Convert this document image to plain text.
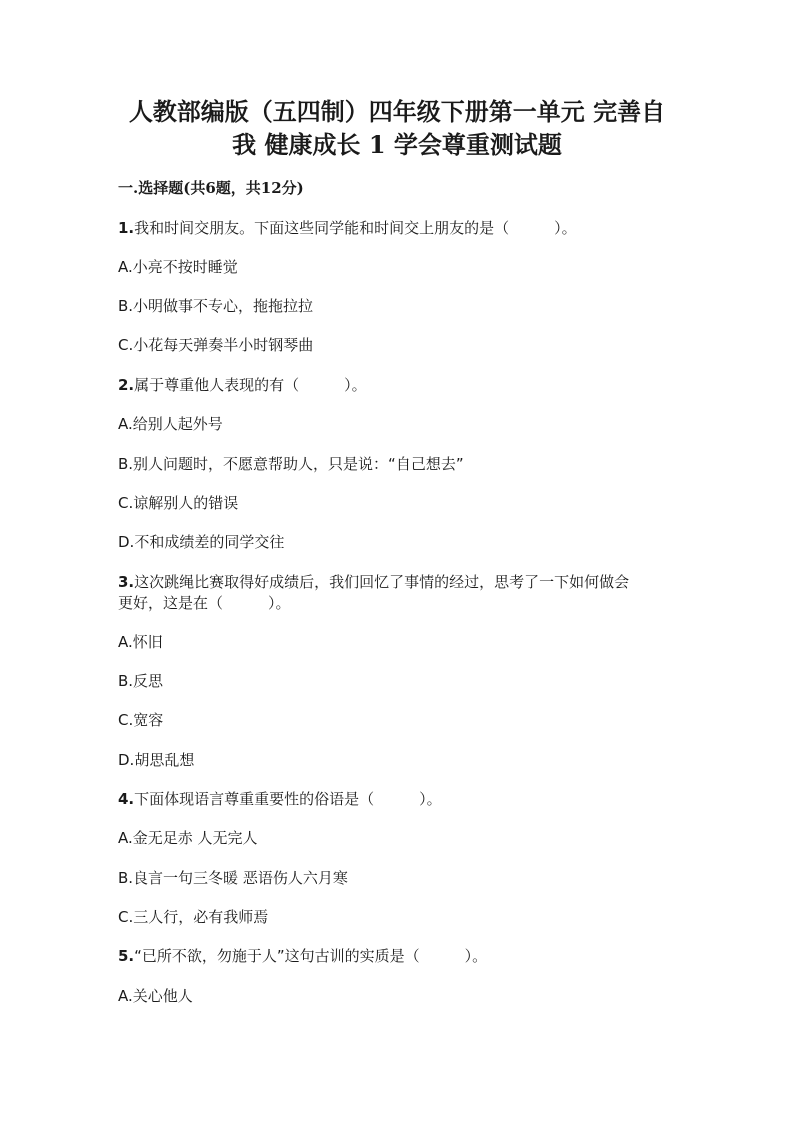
人教部编版（五四制）四年级下册第一单元 完善自
我 健康成长 1 学会尊重测试题
一.选择题(共6题，共12分)
1.我和时间交朋友。下面这些同学能和时间交上朋友的是（　　　）。
A.小亮不按时睡觉
B.小明做事不专心，拖拖拉拉
C.小花每天弹奏半小时钢琴曲
2.属于尊重他人表现的有（　　　）。
A.给别人起外号
B.别人问题时，不愿意帮助人，只是说：“自己想去”
C.谅解别人的错误
D.不和成绩差的同学交往
3.这次跳绳比赛取得好成绩后，我们回忆了事情的经过，思考了一下如何做会
更好，这是在（　　　）。
A.怀旧
B.反思
C.宽容
D.胡思乱想
4.下面体现语言尊重重要性的俗语是（　　　）。
A.金无足赤 人无完人
B.良言一句三冬暖 恶语伤人六月寒
C.三人行，必有我师焉
5.“已所不欲，勿施于人”这句古训的实质是（　　　）。
A.关心他人
